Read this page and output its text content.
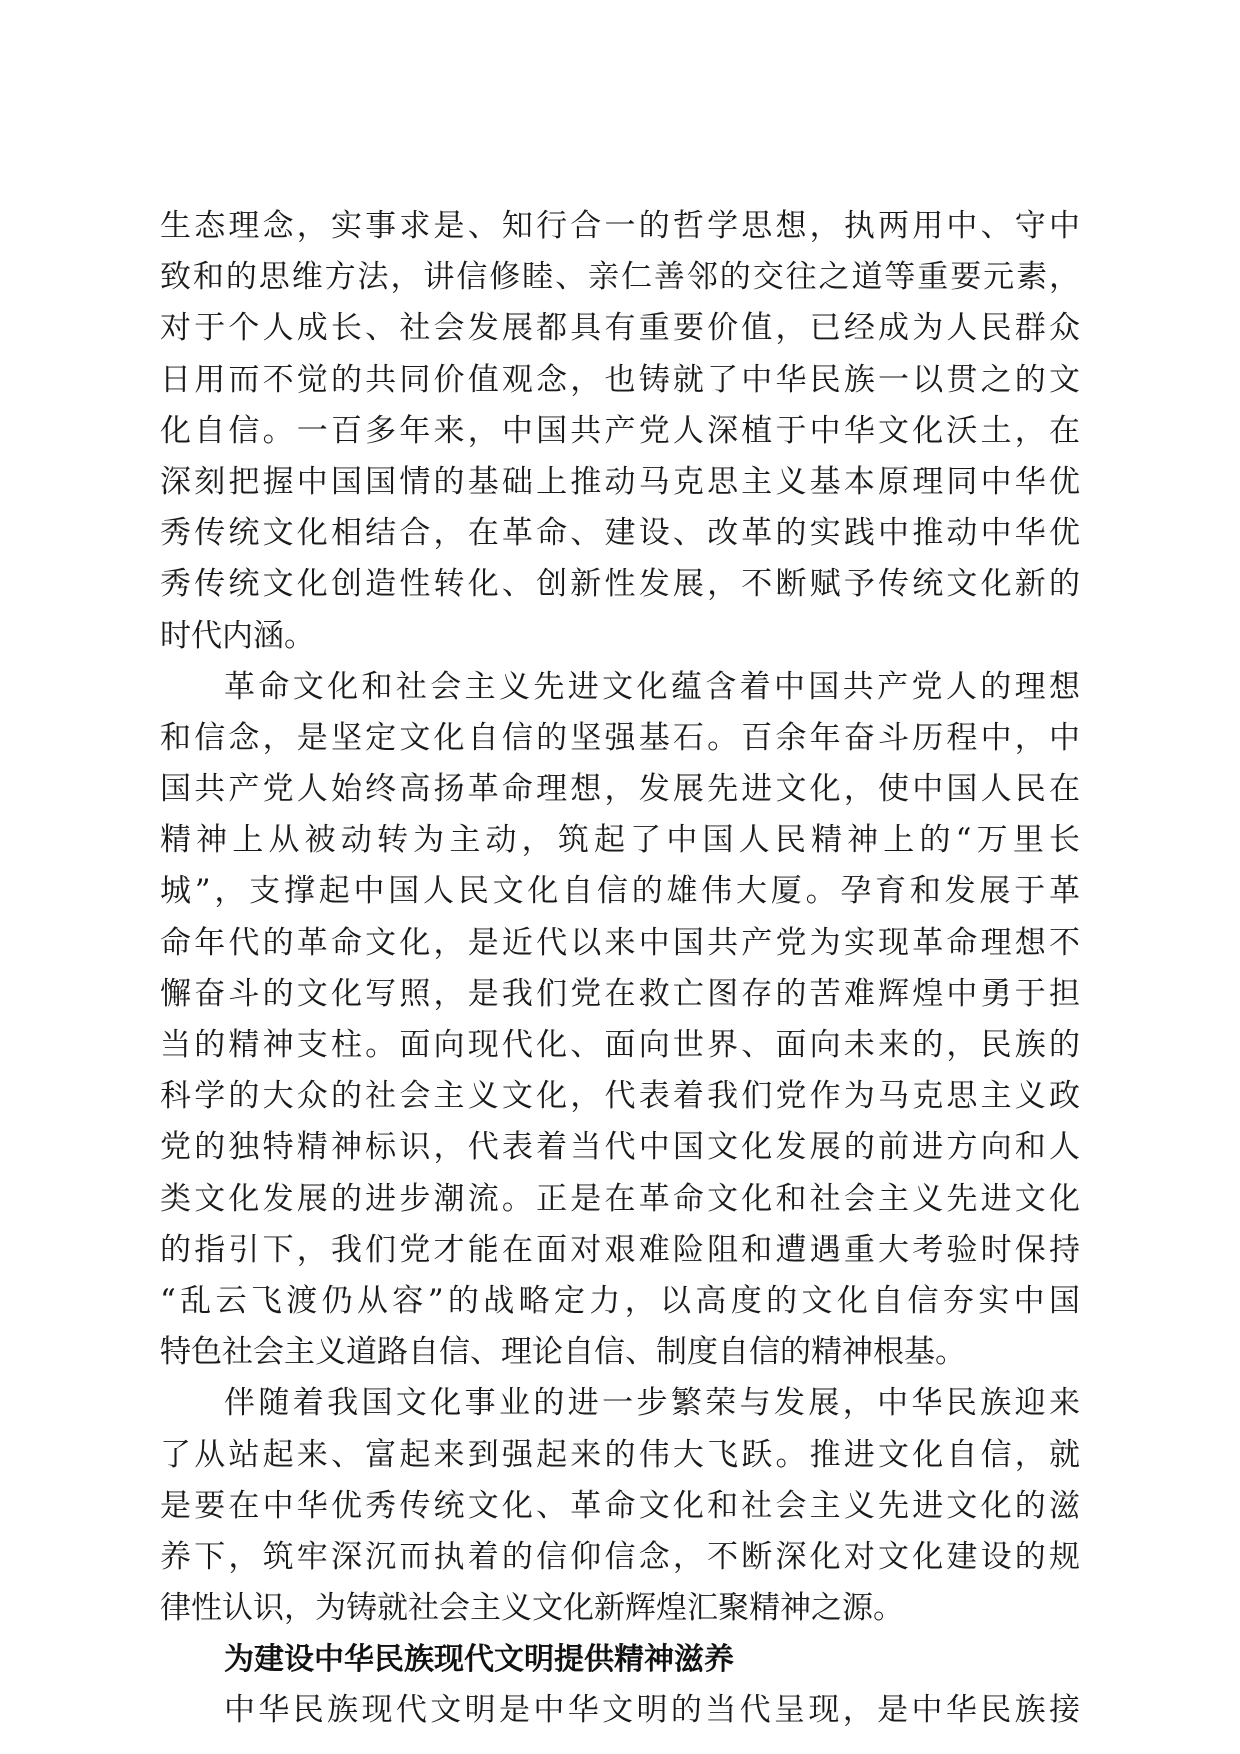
生态理念，实事求是、知行合一的哲学思想，执两用中、守中
致和的思维方法，讲信修睦、亲仁善邻的交往之道等重要元素，
对于个人成长、社会发展都具有重要价值，已经成为人民群众
日用而不觉的共同价值观念，也铸就了中华民族一以贯之的文
化自信。一百多年来，中国共产党人深植于中华文化沃土，在
深刻把握中国国情的基础上推动马克思主义基本原理同中华优
秀传统文化相结合，在革命、建设、改革的实践中推动中华优
秀传统文化创造性转化、创新性发展，不断赋予传统文化新的
时代内涵。
革命文化和社会主义先进文化蕴含着中国共产党人的理想
和信念，是坚定文化自信的坚强基石。百余年奋斗历程中，中
国共产党人始终高扬革命理想，发展先进文化，使中国人民在
精神上从被动转为主动，筑起了中国人民精神上的“万里长
城”，支撑起中国人民文化自信的雄伟大厦。孕育和发展于革
命年代的革命文化，是近代以来中国共产党为实现革命理想不
懈奋斗的文化写照，是我们党在救亡图存的苦难辉煌中勇于担
当的精神支柱。面向现代化、面向世界、面向未来的，民族的
科学的大众的社会主义文化，代表着我们党作为马克思主义政
党的独特精神标识，代表着当代中国文化发展的前进方向和人
类文化发展的进步潮流。正是在革命文化和社会主义先进文化
的指引下，我们党才能在面对艰难险阻和遭遇重大考验时保持
“乱云飞渡仍从容”的战略定力，以高度的文化自信夯实中国
特色社会主义道路自信、理论自信、制度自信的精神根基。
伴随着我国文化事业的进一步繁荣与发展，中华民族迎来
了从站起来、富起来到强起来的伟大飞跃。推进文化自信，就
是要在中华优秀传统文化、革命文化和社会主义先进文化的滋
养下，筑牢深沉而执着的信仰信念，不断深化对文化建设的规
律性认识，为铸就社会主义文化新辉煌汇聚精神之源。
为建设中华民族现代文明提供精神滋养
中华民族现代文明是中华文明的当代呈现，是中华民族接
